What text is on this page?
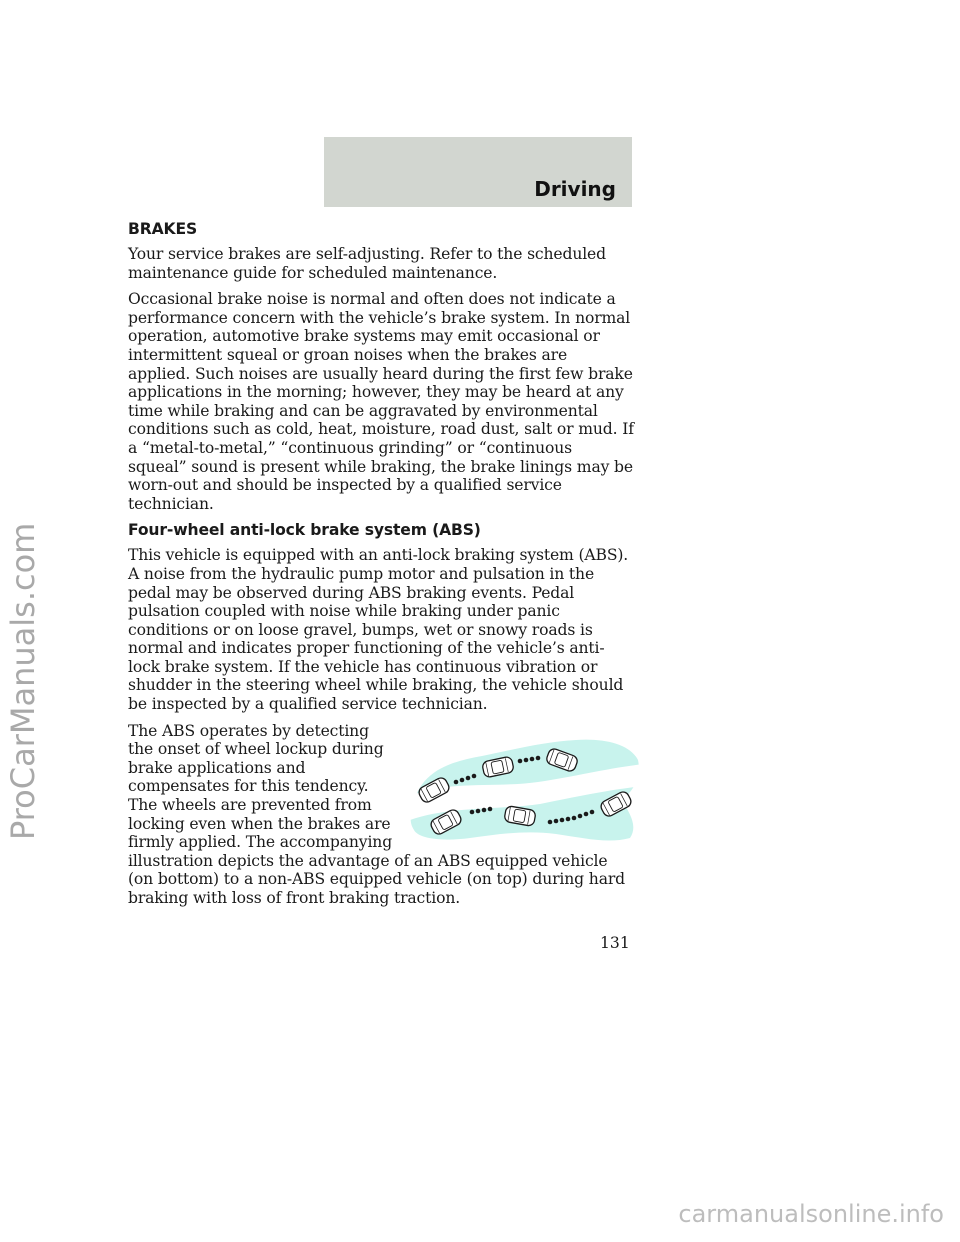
Driving
BRAKES

Your service brakes are self-adjusting. Refer to the scheduled maintenance guide for scheduled maintenance.

Occasional brake noise is normal and often does not indicate a performance concern with the vehicle’s brake system. In normal operation, automotive brake systems may emit occasional or intermittent squeal or groan noises when the brakes are applied. Such noises are usually heard during the first few brake applications in the morning; however, they may be heard at any time while braking and can be aggravated by environmental conditions such as cold, heat, moisture, road dust, salt or mud. If a “metal-to-metal,” “continuous grinding” or “continuous squeal” sound is present while braking, the brake linings may be worn-out and should be inspected by a qualified service technician.

Four-wheel anti-lock brake system (ABS)

This vehicle is equipped with an anti-lock braking system (ABS). A noise from the hydraulic pump motor and pulsation in the pedal may be observed during ABS braking events. Pedal pulsation coupled with noise while braking under panic conditions or on loose gravel, bumps, wet or snowy roads is normal and indicates proper functioning of the vehicle’s anti-lock brake system. If the vehicle has continuous vibration or shudder in the steering wheel while braking, the vehicle should be inspected by a qualified service technician.

The ABS operates by detecting the onset of wheel lockup during brake applications and compensates for this tendency. The wheels are prevented from locking even when the brakes are firmly applied. The accompanying illustration depicts the advantage of an ABS equipped vehicle (on bottom) to a non-ABS equipped vehicle (on top) during hard braking with loss of front braking traction.

131
ProCarManuals.com
carmanualsonline.info
